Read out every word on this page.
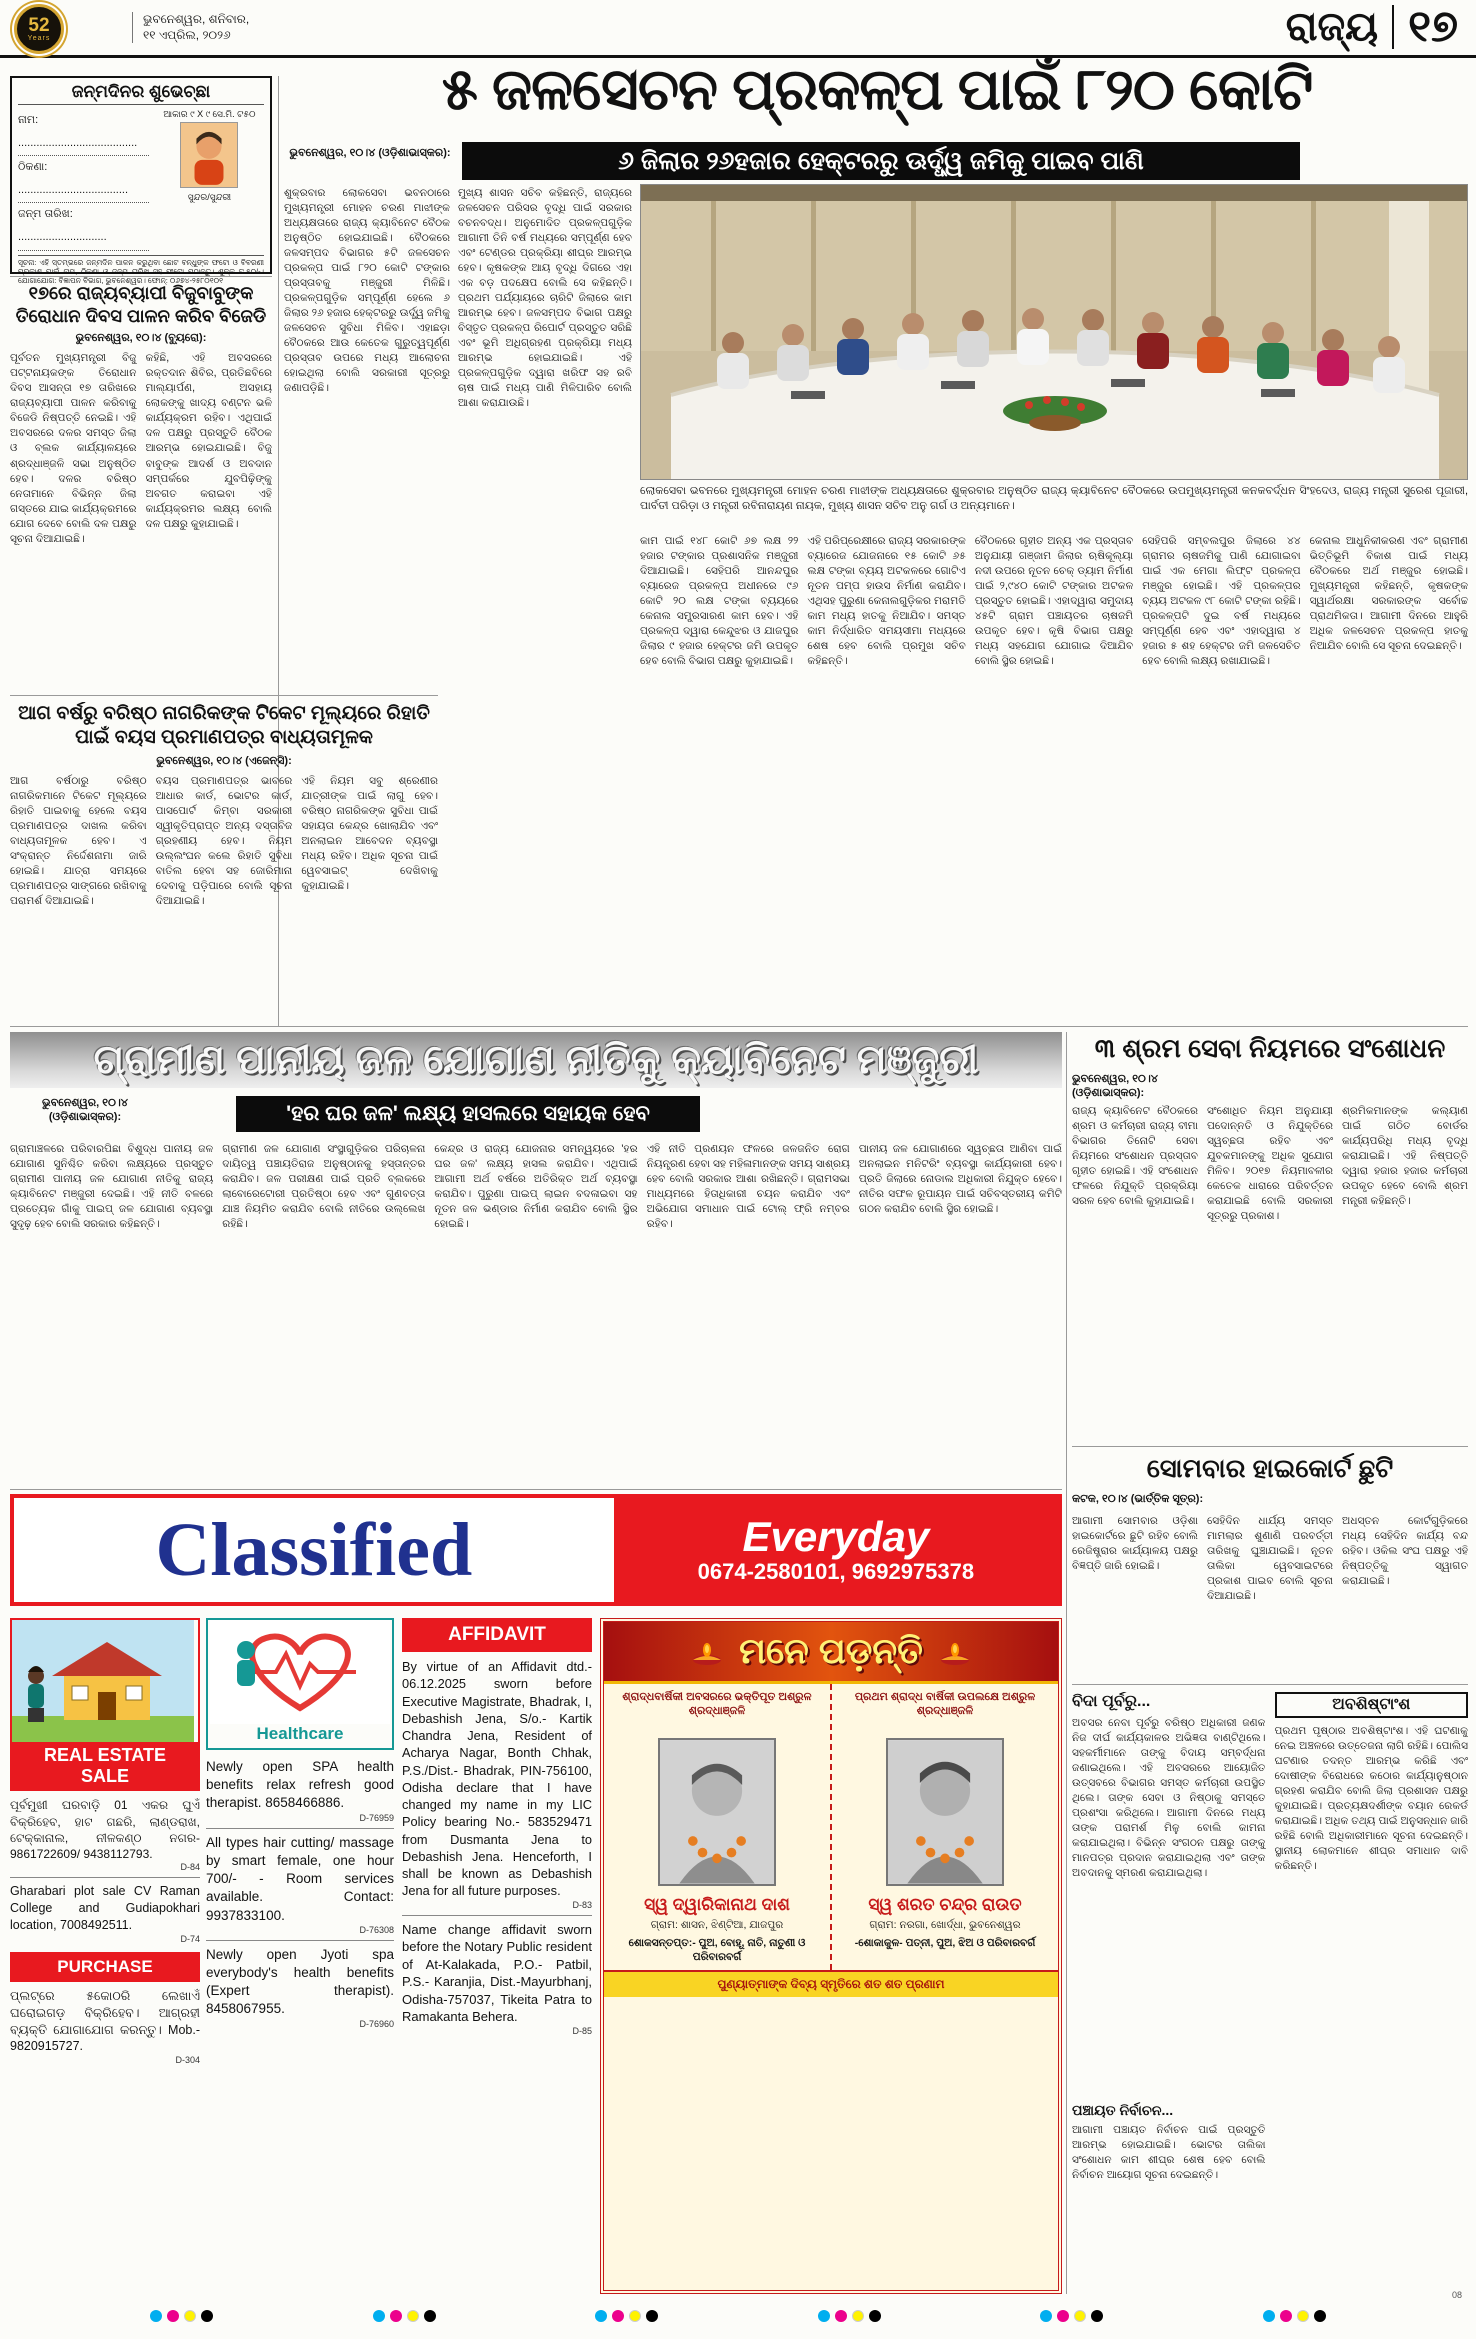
52
Years
ଭୁବନେଶ୍ୱର, ଶନିବାର,
୧୧ ଏପ୍ରିଲ, ୨୦୨୬	ରାଜ୍ୟ ୧୭
ଜନ୍ମଦିନର ଶୁଭେଚ୍ଛା
ନାମ: .......................................
ଠିକଣା: ....................................
ଜନ୍ମ ତାରିଖ: .............................
ଆକାର ୯ X ୯ ସେ.ମି. ଟ୫୦
ସୁନ୍ଦର/ସୁନ୍ଦରୀ
ସୂଚନା: ଏହି ସ୍ତମ୍ଭରେ ଜନ୍ମଦିନ ପାଳନ କରୁଥିବା ଛୋଟ ବନ୍ଧୁଙ୍କ ଫଟୋ ଓ ବିବରଣୀ ପ୍ରକାଶ ପାଇଁ ନାମ, ଠିକଣା ଓ ଜନ୍ମ ତାରିଖ ସହ ଫଟୋ ପଠାନ୍ତୁ। ଶୁଳ୍କ ଟ.୫୦/-। ଯୋଗାଯୋଗ: ବିଜ୍ଞାପନ ବିଭାଗ, ଭୁବନେଶ୍ୱର। ଫୋନ୍: ୦୬୭୪-୨୫୮୦୧୦୧
୫ ଜଳସେଚନ ପ୍ରକଳ୍ପ ପାଇଁ ୮୨୦ କୋଟି
ଭୁବନେଶ୍ୱର, ୧୦।୪ (ଓଡ଼ିଶାଭାସ୍କର):	୬ ଜିଲାର ୨୬ହଜାର ହେକ୍ଟରରୁ ଊର୍ଦ୍ଧ୍ୱ ଜମିକୁ ପାଇବ ପାଣି
ଲୋକସେବା ଭବନରେ ମୁଖ୍ୟମନ୍ତ୍ରୀ ମୋହନ ଚରଣ ମାଝୀଙ୍କ ଅଧ୍ୟକ୍ଷତାରେ ଶୁକ୍ରବାର ଅନୁଷ୍ଠିତ ରାଜ୍ୟ କ୍ୟାବିନେଟ ବୈଠକରେ ଉପମୁଖ୍ୟମନ୍ତ୍ରୀ କନକବର୍ଦ୍ଧନ ସିଂହଦେଓ, ରାଜ୍ୟ ମନ୍ତ୍ରୀ ସୁରେଶ ପୂଜାରୀ, ପାର୍ବତୀ ପରିଡ଼ା ଓ ମନ୍ତ୍ରୀ ରବିନାରାୟଣ ନାୟକ, ମୁଖ୍ୟ ଶାସନ ସଚିବ ଅନୁ ଗର୍ଗ ଓ ଅନ୍ୟମାନେ।
ଶୁକ୍ରବାର ଲୋକସେବା ଭବନଠାରେ ମୁଖ୍ୟମନ୍ତ୍ରୀ ମୋହନ ଚରଣ ମାଝୀଙ୍କ ଅଧ୍ୟକ୍ଷତାରେ ରାଜ୍ୟ କ୍ୟାବିନେଟ ବୈଠକ ଅନୁଷ୍ଠିତ ହୋଇଯାଇଛି। ବୈଠକରେ ଜଳସମ୍ପଦ ବିଭାଗର ୫ଟି ଜଳସେଚନ ପ୍ରକଳ୍ପ ପାଇଁ ୮୨୦ କୋଟି ଟଙ୍କାର ପ୍ରସ୍ତାବକୁ ମଞ୍ଜୁରୀ ମିଳିଛି। ପ୍ରକଳ୍ପଗୁଡ଼ିକ ସମ୍ପୂର୍ଣ୍ଣ ହେଲେ ୬ ଜିଲାର ୨୬ ହଜାର ହେକ୍ଟରରୁ ଊର୍ଦ୍ଧ୍ୱ ଜମିକୁ ଜଳସେଚନ ସୁବିଧା ମିଳିବ। ଏହାଛଡ଼ା ବୈଠକରେ ଆଉ କେତେକ ଗୁରୁତ୍ୱପୂର୍ଣ୍ଣ ପ୍ରସ୍ତାବ ଉପରେ ମଧ୍ୟ ଆଲୋଚନା ହୋଇଥିଲା ବୋଲି ସରକାରୀ ସୂତ୍ରରୁ ଜଣାପଡ଼ିଛି।
ମୁଖ୍ୟ ଶାସନ ସଚିବ କହିଛନ୍ତି, ରାଜ୍ୟରେ ଜଳସେଚନ ପରିସର ବୃଦ୍ଧି ପାଇଁ ସରକାର ବଚନବଦ୍ଧ। ଅନୁମୋଦିତ ପ୍ରକଳ୍ପଗୁଡ଼ିକ ଆଗାମୀ ତିନି ବର୍ଷ ମଧ୍ୟରେ ସମ୍ପୂର୍ଣ୍ଣ ହେବ ଏବଂ ଟେଣ୍ଡର ପ୍ରକ୍ରିୟା ଶୀଘ୍ର ଆରମ୍ଭ ହେବ। କୃଷକଙ୍କ ଆୟ ବୃଦ୍ଧି ଦିଗରେ ଏହା ଏକ ବଡ଼ ପଦକ୍ଷେପ ବୋଲି ସେ କହିଛନ୍ତି। ପ୍ରଥମ ପର୍ଯ୍ୟାୟରେ ଚାରିଟି ଜିଲାରେ କାମ ଆରମ୍ଭ ହେବ। ଜଳସମ୍ପଦ ବିଭାଗ ପକ୍ଷରୁ ବିସ୍ତୃତ ପ୍ରକଳ୍ପ ରିପୋର୍ଟ ପ୍ରସ୍ତୁତ ସରିଛି ଏବଂ ଭୂମି ଅଧିଗ୍ରହଣ ପ୍ରକ୍ରିୟା ମଧ୍ୟ ଆରମ୍ଭ ହୋଇଯାଇଛି। ଏହି ପ୍ରକଳ୍ପଗୁଡ଼ିକ ଦ୍ୱାରା ଖରିଫ ସହ ରବି ଚାଷ ପାଇଁ ମଧ୍ୟ ପାଣି ମିଳିପାରିବ ବୋଲି ଆଶା କରାଯାଉଛି।
କାମ ପାଇଁ ୧୪୮ କୋଟି ୬୭ ଲକ୍ଷ ୨୨ ହଜାର ଟଙ୍କାର ପ୍ରଶାସନିକ ମଞ୍ଜୁରୀ ଦିଆଯାଇଛି। ସେହିପରି ଆନନ୍ଦପୁର ବ୍ୟାରେଜ ପ୍ରକଳ୍ପ ଅଧୀନରେ ୯୬ କୋଟି ୨୦ ଲକ୍ଷ ଟଙ୍କା ବ୍ୟୟରେ କେନାଲ ସମ୍ପ୍ରସାରଣ କାମ ହେବ। ଏହି ପ୍ରକଳ୍ପ ଦ୍ୱାରା କେନ୍ଦୁଝର ଓ ଯାଜପୁର ଜିଲାର ୯ ହଜାର ହେକ୍ଟର ଜମି ଉପକୃତ ହେବ ବୋଲି ବିଭାଗ ପକ୍ଷରୁ କୁହାଯାଇଛି।
ଏହି ପରିପ୍ରେକ୍ଷୀରେ ରାଜ୍ୟ ସରକାରଙ୍କ ବ୍ୟାରେଜ ଯୋଜନାରେ ୧୫ କୋଟି ୬୫ ଲକ୍ଷ ଟଙ୍କା ବ୍ୟୟ ଅଟକଳରେ ଗୋଟିଏ ନୂତନ ପମ୍ପ ହାଉସ ନିର୍ମାଣ କରାଯିବ। ଏଥିସହ ପୁରୁଣା କେନାଲଗୁଡ଼ିକର ମରାମତି କାମ ମଧ୍ୟ ହାତକୁ ନିଆଯିବ। ସମସ୍ତ କାମ ନିର୍ଦ୍ଧାରିତ ସମୟସୀମା ମଧ୍ୟରେ ଶେଷ ହେବ ବୋଲି ପ୍ରମୁଖ ସଚିବ କହିଛନ୍ତି।
ବୈଠକରେ ଗୃହୀତ ଅନ୍ୟ ଏକ ପ୍ରସ୍ତାବ ଅନୁଯାୟୀ ଗଞ୍ଜାମ ଜିଲାର ଋଷିକୂଲ୍ୟା ନଦୀ ଉପରେ ନୂତନ ଚେକ୍ ଡ୍ୟାମ ନିର୍ମାଣ ପାଇଁ ୨,୯୪୦ କୋଟି ଟଙ୍କାର ଅଟକଳ ପ୍ରସ୍ତୁତ ହୋଇଛି। ଏହାଦ୍ୱାରା ସମୁଦାୟ ୪୫ଟି ଗ୍ରାମ ପଞ୍ଚାୟତର ଚାଷଜମି ଉପକୃତ ହେବ। କୃଷି ବିଭାଗ ପକ୍ଷରୁ ମଧ୍ୟ ସହଯୋଗ ଯୋଗାଇ ଦିଆଯିବ ବୋଲି ସ୍ଥିର ହୋଇଛି।
ସେହିପରି ସମ୍ବଲପୁର ଜିଲାରେ ୪୪ ଗ୍ରାମର ଚାଷଜମିକୁ ପାଣି ଯୋଗାଇବା ପାଇଁ ଏକ ମେଗା ଲିଫ୍ଟ ପ୍ରକଳ୍ପ ମଞ୍ଜୁର ହୋଇଛି। ଏହି ପ୍ରକଳ୍ପର ବ୍ୟୟ ଅଟକଳ ୯୮ କୋଟି ଟଙ୍କା ରହିଛି। ପ୍ରକଳ୍ପଟି ଦୁଇ ବର୍ଷ ମଧ୍ୟରେ ସମ୍ପୂର୍ଣ୍ଣ ହେବ ଏବଂ ଏହାଦ୍ୱାରା ୪ ହଜାର ୫ ଶହ ହେକ୍ଟର ଜମି ଜଳସେଚିତ ହେବ ବୋଲି ଲକ୍ଷ୍ୟ ରଖାଯାଇଛି।
କେନାଲ ଆଧୁନିକୀକରଣ ଏବଂ ଗ୍ରାମୀଣ ଭିତ୍ତିଭୂମି ବିକାଶ ପାଇଁ ମଧ୍ୟ ବୈଠକରେ ଅର୍ଥ ମଞ୍ଜୁର ହୋଇଛି। ମୁଖ୍ୟମନ୍ତ୍ରୀ କହିଛନ୍ତି, କୃଷକଙ୍କ ସ୍ୱାର୍ଥରକ୍ଷା ସରକାରଙ୍କ ସର୍ବୋଚ୍ଚ ପ୍ରାଥମିକତା। ଆଗାମୀ ଦିନରେ ଆହୁରି ଅଧିକ ଜଳସେଚନ ପ୍ରକଳ୍ପ ହାତକୁ ନିଆଯିବ ବୋଲି ସେ ସୂଚନା ଦେଇଛନ୍ତି।
୧୭ରେ ରାଜ୍ୟବ୍ୟାପୀ ବିଜୁବାବୁଙ୍କ ତିରୋଧାନ ଦିବସ ପାଳନ କରିବ ବିଜେଡି
ଭୁବନେଶ୍ୱର, ୧୦।୪ (ବ୍ୟୁରୋ):
ପୂର୍ବତନ ମୁଖ୍ୟମନ୍ତ୍ରୀ ବିଜୁ ପଟ୍ଟନାୟକଙ୍କ ତିରୋଧାନ ଦିବସ ଆସନ୍ତା ୧୭ ତାରିଖରେ ରାଜ୍ୟବ୍ୟାପୀ ପାଳନ କରିବାକୁ ବିଜେଡି ନିଷ୍ପତ୍ତି ନେଇଛି। ଏହି ଅବସରରେ ଦଳର ସମସ୍ତ ଜିଲା ଓ ବ୍ଲକ କାର୍ଯ୍ୟାଳୟରେ ଶ୍ରଦ୍ଧାଞ୍ଜଳି ସଭା ଅନୁଷ୍ଠିତ ହେବ। ଦଳର ବରିଷ୍ଠ ନେତାମାନେ ବିଭିନ୍ନ ଜିଲା ଗସ୍ତରେ ଯାଇ କାର୍ଯ୍ୟକ୍ରମରେ ଯୋଗ ଦେବେ ବୋଲି ଦଳ ପକ୍ଷରୁ ସୂଚନା ଦିଆଯାଇଛି।
କହିଛି, ଏହି ଅବସରରେ ରକ୍ତଦାନ ଶିବିର, ପ୍ରତିଛବିରେ ମାଲ୍ୟାର୍ପଣ, ଅସହାୟ ଲୋକଙ୍କୁ ଖାଦ୍ୟ ବଣ୍ଟନ ଭଳି କାର୍ଯ୍ୟକ୍ରମ ରହିବ। ଏଥିପାଇଁ ଦଳ ପକ୍ଷରୁ ପ୍ରସ୍ତୁତି ବୈଠକ ଆରମ୍ଭ ହୋଇଯାଇଛି। ବିଜୁ ବାବୁଙ୍କ ଆଦର୍ଶ ଓ ଅବଦାନ ସମ୍ପର୍କରେ ଯୁବପିଢ଼ିଙ୍କୁ ଅବଗତ କରାଇବା ଏହି କାର୍ଯ୍ୟକ୍ରମର ଲକ୍ଷ୍ୟ ବୋଲି ଦଳ ପକ୍ଷରୁ କୁହାଯାଇଛି।
ଆଗ ବର୍ଷରୁ ବରିଷ୍ଠ ନାଗରିକଙ୍କ ଟିକେଟ ମୂଲ୍ୟରେ ରିହାତି ପାଇଁ ବୟସ ପ୍ରମାଣପତ୍ର ବାଧ୍ୟତାମୂଳକ
ଭୁବନେଶ୍ୱର, ୧୦।୪ (ଏଜେନ୍ସି):
ଆଗ ବର୍ଷଠାରୁ ବରିଷ୍ଠ ନାଗରିକମାନେ ଟିକେଟ ମୂଲ୍ୟରେ ରିହାତି ପାଇବାକୁ ହେଲେ ବୟସ ପ୍ରମାଣପତ୍ର ଦାଖଲ କରିବା ବାଧ୍ୟତାମୂଳକ ହେବ। ଏ ସଂକ୍ରାନ୍ତ ନିର୍ଦ୍ଦେଶନାମା ଜାରି ହୋଇଛି। ଯାତ୍ରା ସମୟରେ ପ୍ରମାଣପତ୍ର ସାଙ୍ଗରେ ରଖିବାକୁ ପରାମର୍ଶ ଦିଆଯାଇଛି।
ବୟସ ପ୍ରମାଣପତ୍ର ଭାବରେ ଆଧାର କାର୍ଡ, ଭୋଟର କାର୍ଡ, ପାସପୋର୍ଟ କିମ୍ବା ସରକାରୀ ସ୍ୱୀକୃତିପ୍ରାପ୍ତ ଅନ୍ୟ ଦସ୍ତାବିଜ ଗ୍ରହଣୀୟ ହେବ। ନିୟମ ଉଲ୍ଲଂଘନ କଲେ ରିହାତି ସୁବିଧା ବାତିଲ ହେବା ସହ ଜୋରିମାନା ଦେବାକୁ ପଡ଼ିପାରେ ବୋଲି ସୂଚନା ଦିଆଯାଇଛି।
ଏହି ନିୟମ ସବୁ ଶ୍ରେଣୀର ଯାତ୍ରୀଙ୍କ ପାଇଁ ଲାଗୁ ହେବ। ବରିଷ୍ଠ ନାଗରିକଙ୍କ ସୁବିଧା ପାଇଁ ସହାୟତା କେନ୍ଦ୍ର ଖୋଲାଯିବ ଏବଂ ଅନଲାଇନ ଆବେଦନ ବ୍ୟବସ୍ଥା ମଧ୍ୟ ରହିବ। ଅଧିକ ସୂଚନା ପାଇଁ ୱେବସାଇଟ୍ ଦେଖିବାକୁ କୁହାଯାଇଛି।
ଗ୍ରାମୀଣ ପାନୀୟ ଜଳ ଯୋଗାଣ ନୀତିକୁ କ୍ୟାବିନେଟ ମଞ୍ଜୁରୀ
ଭୁବନେଶ୍ୱର, ୧୦।୪ (ଓଡ଼ିଶାଭାସ୍କର):	'ହର ଘର ଜଳ' ଲକ୍ଷ୍ୟ ହାସଲରେ ସହାୟକ ହେବ
ଗ୍ରାମାଞ୍ଚଳରେ ପରିବାରପିଛା ବିଶୁଦ୍ଧ ପାନୀୟ ଜଳ ଯୋଗାଣ ସୁନିଶ୍ଚିତ କରିବା ଲକ୍ଷ୍ୟରେ ପ୍ରସ୍ତୁତ ଗ୍ରାମୀଣ ପାନୀୟ ଜଳ ଯୋଗାଣ ନୀତିକୁ ରାଜ୍ୟ କ୍ୟାବିନେଟ ମଞ୍ଜୁରୀ ଦେଇଛି। ଏହି ନୀତି ବଳରେ ପ୍ରତ୍ୟେକ ଗାଁକୁ ପାଇପ୍ ଜଳ ଯୋଗାଣ ବ୍ୟବସ୍ଥା ସୁଦୃଢ଼ ହେବ ବୋଲି ସରକାର କହିଛନ୍ତି।
ଗ୍ରାମୀଣ ଜଳ ଯୋଗାଣ ସଂସ୍ଥାଗୁଡ଼ିକର ପରିଚାଳନା ଦାୟିତ୍ୱ ପଞ୍ଚାୟତିରାଜ ଅନୁଷ୍ଠାନକୁ ହସ୍ତାନ୍ତର କରାଯିବ। ଜଳ ପରୀକ୍ଷଣ ପାଇଁ ପ୍ରତି ବ୍ଲକରେ ଲାବୋରେଟୋରୀ ପ୍ରତିଷ୍ଠା ହେବ ଏବଂ ଗୁଣବତ୍ତା ଯାଞ୍ଚ ନିୟମିତ କରାଯିବ ବୋଲି ନୀତିରେ ଉଲ୍ଲେଖ ରହିଛି।
କେନ୍ଦ୍ର ଓ ରାଜ୍ୟ ଯୋଜନାର ସମନ୍ୱୟରେ 'ହର ଘର ଜଳ' ଲକ୍ଷ୍ୟ ହାସଲ କରାଯିବ। ଏଥିପାଇଁ ଆଗାମୀ ଅର୍ଥ ବର୍ଷରେ ଅତିରିକ୍ତ ଅର୍ଥ ବ୍ୟବସ୍ଥା କରାଯିବ। ପୁରୁଣା ପାଇପ୍ ଲାଇନ ବଦଳାଇବା ସହ ନୂତନ ଜଳ ଭଣ୍ଡାର ନିର୍ମାଣ କରାଯିବ ବୋଲି ସ୍ଥିର ହୋଇଛି।
ଏହି ନୀତି ପ୍ରଣୟନ ଫଳରେ ଜଳଜନିତ ରୋଗ ନିୟନ୍ତ୍ରଣ ହେବା ସହ ମହିଳାମାନଙ୍କ ସମୟ ସାଶ୍ରୟ ହେବ ବୋଲି ସରକାର ଆଶା ରଖିଛନ୍ତି। ଗ୍ରାମସଭା ମାଧ୍ୟମରେ ହିତାଧିକାରୀ ଚୟନ କରାଯିବ ଏବଂ ଅଭିଯୋଗ ସମାଧାନ ପାଇଁ ଟୋଲ୍ ଫ୍ରି ନମ୍ବର ରହିବ।
ପାନୀୟ ଜଳ ଯୋଗାଣରେ ସ୍ୱଚ୍ଛତା ଆଣିବା ପାଇଁ ଅନଲାଇନ ମନିଟରିଂ ବ୍ୟବସ୍ଥା କାର୍ଯ୍ୟକାରୀ ହେବ। ପ୍ରତି ଜିଲାରେ ନୋଡାଲ ଅଧିକାରୀ ନିଯୁକ୍ତ ହେବେ। ନୀତିର ସଫଳ ରୂପାୟନ ପାଇଁ ସଚିବସ୍ତରୀୟ କମିଟି ଗଠନ କରାଯିବ ବୋଲି ସ୍ଥିର ହୋଇଛି।
୩ ଶ୍ରମ ସେବା ନିୟମରେ ସଂଶୋଧନ
ଭୁବନେଶ୍ୱର, ୧୦।୪ (ଓଡ଼ିଶାଭାସ୍କର):
ରାଜ୍ୟ କ୍ୟାବିନେଟ ବୈଠକରେ ଶ୍ରମ ଓ କର୍ମଚାରୀ ରାଜ୍ୟ ବୀମା ବିଭାଗର ତିନୋଟି ସେବା ନିୟମରେ ସଂଶୋଧନ ପ୍ରସ୍ତାବ ଗୃହୀତ ହୋଇଛି। ଏହି ସଂଶୋଧନ ଫଳରେ ନିଯୁକ୍ତି ପ୍ରକ୍ରିୟା ସରଳ ହେବ ବୋଲି କୁହାଯାଇଛି।
ସଂଶୋଧିତ ନିୟମ ଅନୁଯାୟୀ ପଦୋନ୍ନତି ଓ ନିଯୁକ୍ତିରେ ସ୍ୱଚ୍ଛତା ରହିବ ଏବଂ ଯୁବକମାନଙ୍କୁ ଅଧିକ ସୁଯୋଗ ମିଳିବ। ୨୦୧୭ ନିୟମାବଳୀର କେତେକ ଧାରାରେ ପରିବର୍ତ୍ତନ କରାଯାଇଛି ବୋଲି ସରକାରୀ ସୂତ୍ରରୁ ପ୍ରକାଶ।
ଶ୍ରମିକମାନଙ୍କ କଲ୍ୟାଣ ପାଇଁ ଗଠିତ ବୋର୍ଡର କାର୍ଯ୍ୟପରିଧି ମଧ୍ୟ ବୃଦ୍ଧି କରାଯାଇଛି। ଏହି ନିଷ୍ପତ୍ତି ଦ୍ୱାରା ହଜାର ହଜାର କର୍ମଚାରୀ ଉପକୃତ ହେବେ ବୋଲି ଶ୍ରମ ମନ୍ତ୍ରୀ କହିଛନ୍ତି।
ସୋମବାର ହାଇକୋର୍ଟ ଛୁଟି
କଟକ, ୧୦।୪ (ଭାର୍ତ୍ତିକ ସୂତ୍ର):
ଆଗାମୀ ସୋମବାର ଓଡ଼ିଶା ହାଇକୋର୍ଟରେ ଛୁଟି ରହିବ ବୋଲି ରେଜିଷ୍ଟ୍ରାର କାର୍ଯ୍ୟାଳୟ ପକ୍ଷରୁ ବିଜ୍ଞପ୍ତି ଜାରି ହୋଇଛି।
ସେହିଦିନ ଧାର୍ଯ୍ୟ ସମସ୍ତ ମାମଲାର ଶୁଣାଣି ପରବର୍ତ୍ତୀ ତାରିଖକୁ ଘୁଞ୍ଚାଯାଇଛି। ନୂତନ ତାଲିକା ୱେବସାଇଟରେ ପ୍ରକାଶ ପାଇବ ବୋଲି ସୂଚନା ଦିଆଯାଇଛି।
ଅଧସ୍ତନ କୋର୍ଟଗୁଡ଼ିକରେ ମଧ୍ୟ ସେହିଦିନ କାର୍ଯ୍ୟ ବନ୍ଦ ରହିବ। ଓକିଲ ସଂଘ ପକ୍ଷରୁ ଏହି ନିଷ୍ପତ୍ତିକୁ ସ୍ୱାଗତ କରାଯାଇଛି।
ବିଦା ପୂର୍ବରୁ...
ଅବସର ନେବା ପୂର୍ବରୁ ବରିଷ୍ଠ ଅଧିକାରୀ ଜଣକ ନିଜ ଦୀର୍ଘ କାର୍ଯ୍ୟକାଳର ଅଭିଜ୍ଞତା ବାଣ୍ଟିଥିଲେ। ସହକର୍ମୀମାନେ ତାଙ୍କୁ ବିଦାୟ ସମ୍ବର୍ଦ୍ଧନା ଜଣାଇଥିଲେ। ଏହି ଅବସରରେ ଆୟୋଜିତ ଉତ୍ସବରେ ବିଭାଗର ସମସ୍ତ କର୍ମଚାରୀ ଉପସ୍ଥିତ ଥିଲେ। ତାଙ୍କ ସେବା ଓ ନିଷ୍ଠାକୁ ସମସ୍ତେ ପ୍ରଶଂସା କରିଥିଲେ। ଆଗାମୀ ଦିନରେ ମଧ୍ୟ ତାଙ୍କ ପରାମର୍ଶ ମିଳୁ ବୋଲି କାମନା କରାଯାଇଥିଲା। ବିଭିନ୍ନ ସଂଗଠନ ପକ୍ଷରୁ ତାଙ୍କୁ ମାନପତ୍ର ପ୍ରଦାନ କରାଯାଇଥିଲା ଏବଂ ତାଙ୍କ ଅବଦାନକୁ ସ୍ମରଣ କରାଯାଇଥିଲା।
ପଞ୍ଚାୟତ ନିର୍ବାଚନ...
ଆଗାମୀ ପଞ୍ଚାୟତ ନିର୍ବାଚନ ପାଇଁ ପ୍ରସ୍ତୁତି ଆରମ୍ଭ ହୋଇଯାଇଛି। ଭୋଟର ତାଲିକା ସଂଶୋଧନ କାମ ଶୀଘ୍ର ଶେଷ ହେବ ବୋଲି ନିର୍ବାଚନ ଆୟୋଗ ସୂଚନା ଦେଇଛନ୍ତି।
ଅବଶିଷ୍ଟାଂଶ
ପ୍ରଥମ ପୃଷ୍ଠାର ଅବଶିଷ୍ଟାଂଶ। ଏହି ଘଟଣାକୁ ନେଇ ଅଞ୍ଚଳରେ ଉତ୍ତେଜନା ଲାଗି ରହିଛି। ପୋଲିସ ଘଟଣାର ତଦନ୍ତ ଆରମ୍ଭ କରିଛି ଏବଂ ଦୋଷୀଙ୍କ ବିରୋଧରେ କଠୋର କାର୍ଯ୍ୟାନୁଷ୍ଠାନ ଗ୍ରହଣ କରାଯିବ ବୋଲି ଜିଲା ପ୍ରଶାସନ ପକ୍ଷରୁ କୁହାଯାଇଛି। ପ୍ରତ୍ୟକ୍ଷଦର୍ଶୀଙ୍କ ବୟାନ ରେକର୍ଡ କରାଯାଇଛି। ଅଧିକ ତଥ୍ୟ ପାଇଁ ଅନୁସନ୍ଧାନ ଜାରି ରହିଛି ବୋଲି ଅଧିକାରୀମାନେ ସୂଚନା ଦେଇଛନ୍ତି। ସ୍ଥାନୀୟ ଲୋକମାନେ ଶୀଘ୍ର ସମାଧାନ ଦାବି କରିଛନ୍ତି।
Classified	Everyday
0674-2580101, 9692975378
REAL ESTATE
SALE
ପୂର୍ବମୁଖୀ ଘରବାଡ଼ି 01 ଏକର ଘୁଏଁ ବିକ୍ରିହେବ, ହାଟ ଗଛରି, ଲାଣ୍ଡରାଖ, ଟେକ୍କାନାଲ, ନୀଳକଣ୍ଠ ନଗର- 9861722609/ 9438112793.
D-84
Gharabari plot sale CV Raman College and Gudiapokhari location, 7008492511.
D-74
PURCHASE
ପ୍ଲଟ୍‌ରେ ୫କୋଠରି ଲେଖାଏଁ ଘରୋଇଗଡ଼ ବିକ୍ରିହେବ। ଆଗ୍ରହୀ ବ୍ୟକ୍ତି ଯୋଗାଯୋଗ କରନ୍ତୁ। Mob.- 9820915727.
D-304
Healthcare
Newly open SPA health benefits relax refresh good therapist. 8658466886.
D-76959
All types hair cutting/ massage by smart female, one hour 700/- - Room services available. Contact: 9937833100.
D-76308
Newly open Jyoti spa everybody's health benefits (Expert therapist). 8458067955.
D-76960
AFFIDAVIT
By virtue of an Affidavit dtd.- 06.12.2025 sworn before Executive Magistrate, Bhadrak, I, Debashish Jena, S/o.- Kartik Chandra Jena, Resident of Acharya Nagar, Bonth Chhak, P.S./Dist.- Bhadrak, PIN-756100, Odisha declare that I have changed my name in my LIC Policy bearing No.- 583529471 from Dusmanta Jena to Debashish Jena. Henceforth, I shall be known as Debashish Jena for all future purposes.
D-83
Name change affidavit sworn before the Notary Public resident of At-Kalakada, P.O.- Patbil, P.S.- Karanjia, Dist.-Mayurbhanj, Odisha-757037, Tikeita Patra to Ramakanta Behera.
D-85
ମନେ ପଡ଼ନ୍ତି
ଶ୍ରାଦ୍ଧବାର୍ଷିକୀ ଅବସରରେ ଭକ୍ତିପୂତ ଅଶ୍ରୁଳ ଶ୍ରଦ୍ଧାଞ୍ଜଳି
ସ୍ୱ ଦ୍ୱାରିକାନାଥ ଦାଶ
ଗ୍ରାମ: ଶାସନ, ଝିଣ୍ଟିଆ, ଯାଜପୁର
ଶୋକସନ୍ତପ୍ତ:- ପୁଅ, ବୋହୂ, ନାତି, ନାତୁଣୀ ଓ ପରିବାରବର୍ଗ
ପ୍ରଥମ ଶ୍ରାଦ୍ଧ ବାର୍ଷିକୀ ଉପଲକ୍ଷେ ଅଶ୍ରୁଳ ଶ୍ରଦ୍ଧାଞ୍ଜଳି
ସ୍ୱ ଶରତ ଚନ୍ଦ୍ର ରାଉତ
ଗ୍ରାମ: ନରଗା, ଖୋର୍ଦ୍ଧା, ଭୁବନେଶ୍ୱର
-ଶୋକାକୁଳ- ପତ୍ନୀ, ପୁଅ, ଝିଅ ଓ ପରିବାରବର୍ଗ
ପୁଣ୍ୟାତ୍ମାଙ୍କ ଦିବ୍ୟ ସ୍ମୃତିରେ ଶତ ଶତ ପ୍ରଣାମ
08
